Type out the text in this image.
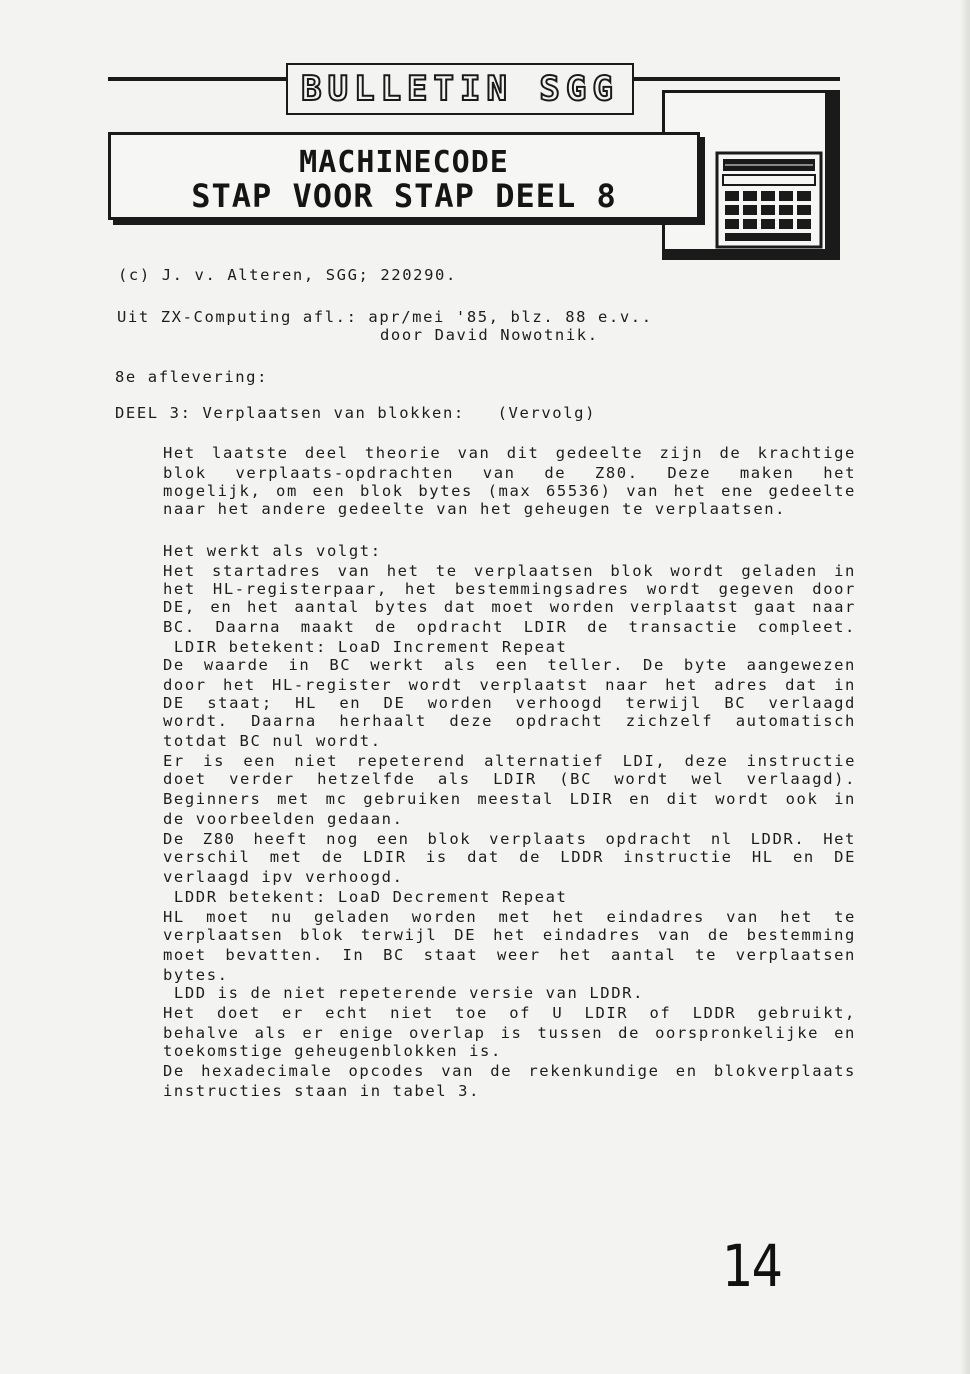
BULLETIN SGG
MACHINECODE
STAP VOOR STAP DEEL 8
(c) J. v. Alteren, SGG; 220290.
Uit ZX-Computing afl.: apr/mei '85, blz. 88 e.v..
door David Nowotnik.
8e aflevering:
DEEL 3: Verplaatsen van blokken:   (Vervolg)
Het laatste deel theorie van dit gedeelte zijn de krachtige
blok verplaats-opdrachten van de Z80. Deze maken het
mogelijk, om een blok bytes (max 65536) van het ene gedeelte
naar het andere gedeelte van het geheugen te verplaatsen.
Het werkt als volgt:
Het startadres van het te verplaatsen blok wordt geladen in
het HL-registerpaar, het bestemmingsadres wordt gegeven door
DE, en het aantal bytes dat moet worden verplaatst gaat naar
BC. Daarna maakt de opdracht LDIR de transactie compleet.
LDIR betekent: LoaD Increment Repeat
De waarde in BC werkt als een teller. De byte aangewezen
door het HL-register wordt verplaatst naar het adres dat in
DE staat; HL en DE worden verhoogd terwijl BC verlaagd
wordt. Daarna herhaalt deze opdracht zichzelf automatisch
totdat BC nul wordt.
Er is een niet repeterend alternatief LDI, deze instructie
doet verder hetzelfde als LDIR (BC wordt wel verlaagd).
Beginners met mc gebruiken meestal LDIR en dit wordt ook in
de voorbeelden gedaan.
De Z80 heeft nog een blok verplaats opdracht nl LDDR. Het
verschil met de LDIR is dat de LDDR instructie HL en DE
verlaagd ipv verhoogd.
LDDR betekent: LoaD Decrement Repeat
HL moet nu geladen worden met het eindadres van het te
verplaatsen blok terwijl DE het eindadres van de bestemming
moet bevatten. In BC staat weer het aantal te verplaatsen
bytes.
LDD is de niet repeterende versie van LDDR.
Het doet er echt niet toe of U LDIR of LDDR gebruikt,
behalve als er enige overlap is tussen de oorspronkelijke en
toekomstige geheugenblokken is.
De hexadecimale opcodes van de rekenkundige en blokverplaats
instructies staan in tabel 3.
14
